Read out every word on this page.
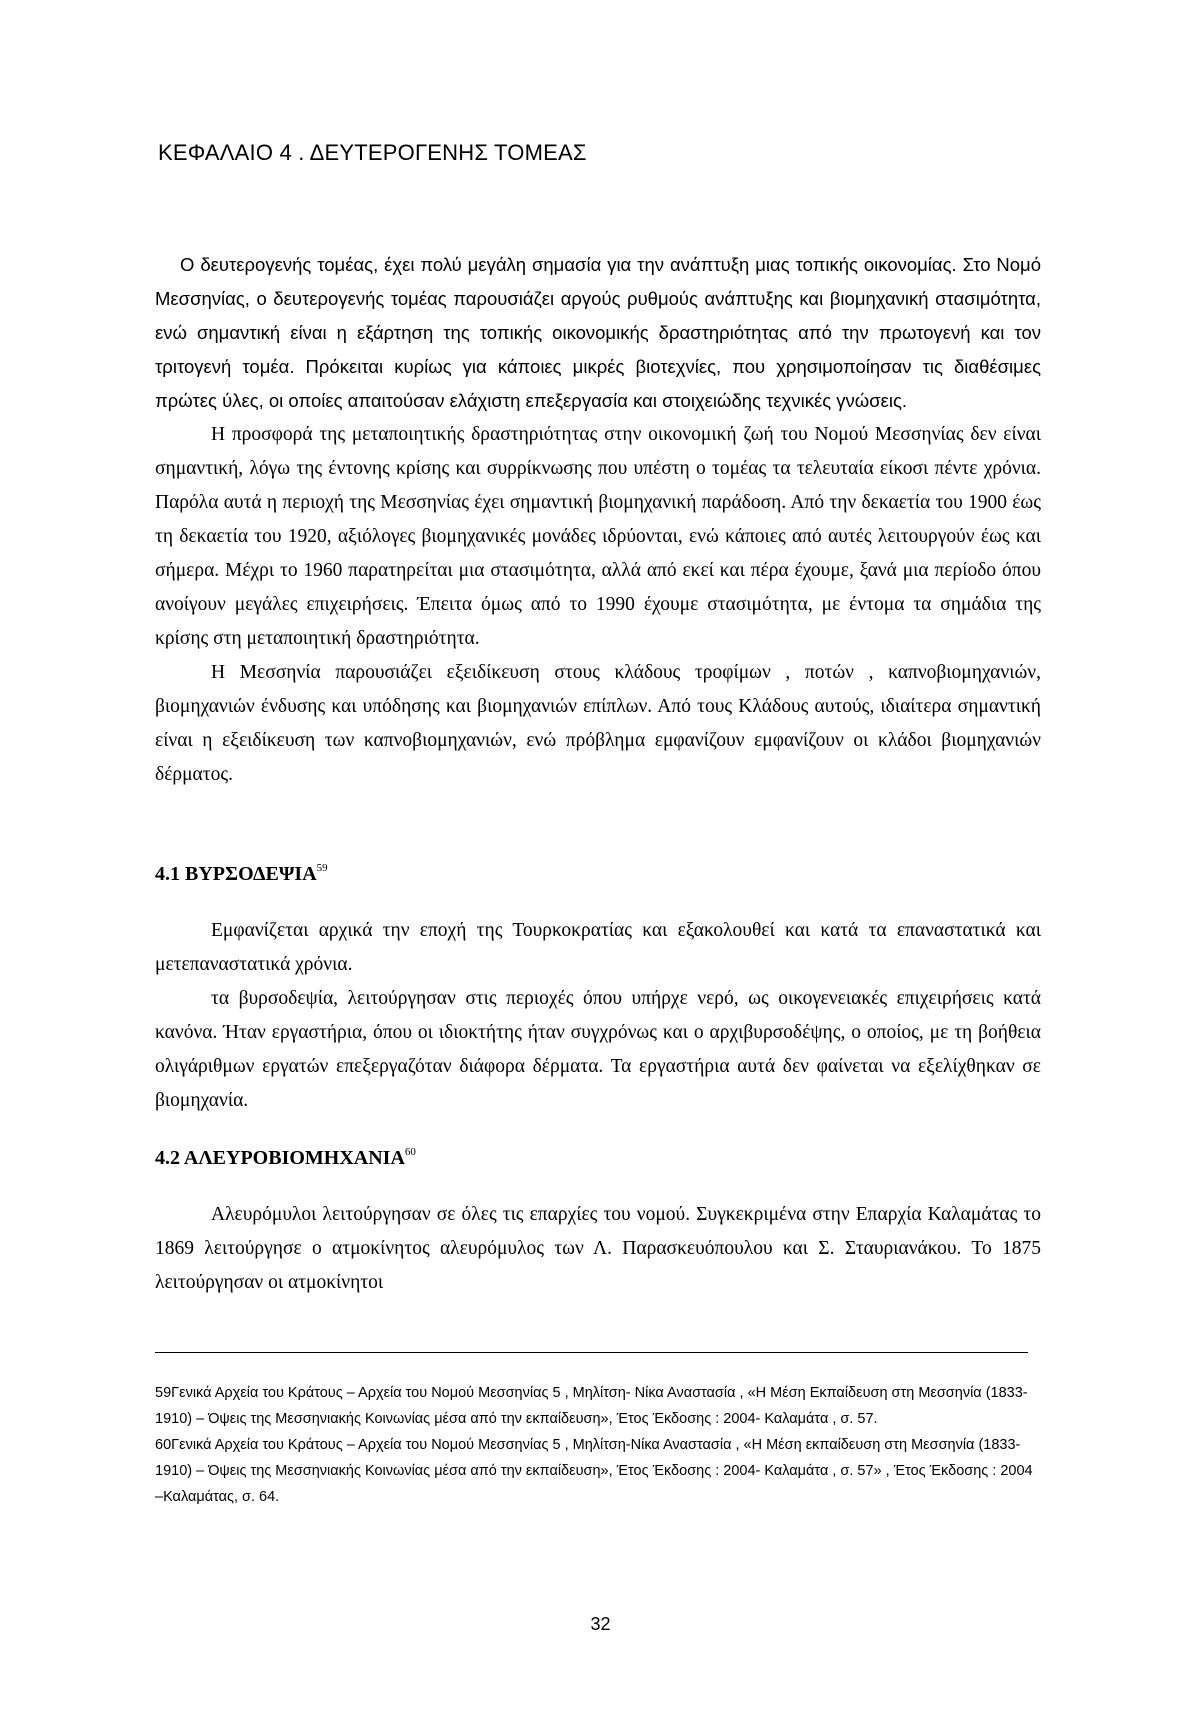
ΚΕΦΑΛΑΙΟ 4 . ΔΕΥΤΕΡΟΓΕΝΗΣ ΤΟΜΕΑΣ

Ο δευτερογενής τομέας, έχει πολύ μεγάλη σημασία για την ανάπτυξη μιας τοπικής οικονομίας. Στο Νομό Μεσσηνίας, ο δευτερογενής τομέας παρουσιάζει αργούς ρυθμούς ανάπτυξης και βιομηχανική στασιμότητα, ενώ σημαντική είναι η εξάρτηση της τοπικής οικονομικής δραστηριότητας από την πρωτογενή και τον τριτογενή τομέα. Πρόκειται κυρίως για κάποιες μικρές βιοτεχνίες, που χρησιμοποίησαν τις διαθέσιμες πρώτες ύλες, οι οποίες απαιτούσαν ελάχιστη επεξεργασία και στοιχειώδης τεχνικές γνώσεις.

Η προσφορά της μεταποιητικής δραστηριότητας στην οικονομική ζωή του Νομού Μεσσηνίας δεν είναι σημαντική, λόγω της έντονης κρίσης και συρρίκνωσης που υπέστη ο τομέας τα τελευταία είκοσι πέντε χρόνια. Παρόλα αυτά η περιοχή της Μεσσηνίας έχει σημαντική βιομηχανική παράδοση. Από την δεκαετία του 1900 έως τη δεκαετία του 1920, αξιόλογες βιομηχανικές μονάδες ιδρύονται, ενώ κάποιες από αυτές λειτουργούν έως και σήμερα. Μέχρι το 1960 παρατηρείται μια στασιμότητα, αλλά από εκεί και πέρα έχουμε, ξανά μια περίοδο όπου ανοίγουν μεγάλες επιχειρήσεις. Έπειτα όμως από το 1990 έχουμε στασιμότητα, με έντομα τα σημάδια της κρίσης στη μεταποιητική δραστηριότητα.

Η Μεσσηνία παρουσιάζει εξειδίκευση στους κλάδους τροφίμων , ποτών , καπνοβιομηχανιών, βιομηχανιών ένδυσης και υπόδησης και βιομηχανιών επίπλων. Από τους Κλάδους αυτούς, ιδιαίτερα σημαντική είναι η εξειδίκευση των καπνοβιομηχανιών, ενώ πρόβλημα εμφανίζουν εμφανίζουν οι κλάδοι βιομηχανιών δέρματος.

4.1 ΒΥΡΣΟΔΕΨΙΑ$^{59}$

Εμφανίζεται αρχικά την εποχή της Τουρκοκρατίας και εξακολουθεί και κατά τα επαναστατικά και μετεπαναστατικά χρόνια.

τα βυρσοδεψία, λειτούργησαν στις περιοχές όπου υπήρχε νερό, ως οικογενειακές επιχειρήσεις κατά κανόνα. Ήταν εργαστήρια, όπου οι ιδιοκτήτης ήταν συγχρόνως και ο αρχιβυρσοδέψης, ο οποίος, με τη βοήθεια ολιγάριθμων εργατών επεξεργαζόταν διάφορα δέρματα. Τα εργαστήρια αυτά δεν φαίνεται να εξελίχθηκαν σε βιομηχανία.

4.2 ΑΛΕΥΡΟΒΙΟΜΗΧΑΝΙΑ$^{60}$

Αλευρόμυλοι λειτούργησαν σε όλες τις επαρχίες του νομού. Συγκεκριμένα στην Επαρχία Καλαμάτας το 1869 λειτούργησε ο ατμοκίνητος αλευρόμυλος των Λ. Παρασκευόπουλου και Σ. Σταυριανάκου. Το 1875 λειτούργησαν οι ατμοκίνητοι

59Γενικά Αρχεία του Κράτους – Αρχεία του Νομού Μεσσηνίας 5 , Μηλίτση- Νίκα Αναστασία , «Η Μέση Εκπαίδευση στη Μεσσηνία (1833-1910) – Όψεις της Μεσσηνιακής Κοινωνίας μέσα από την εκπαίδευση», Έτος Έκδοσης : 2004- Καλαμάτα , σ. 57.

60Γενικά Αρχεία του Κράτους – Αρχεία του Νομού Μεσσηνίας 5 , Μηλίτση-Νίκα Αναστασία , «Η Μέση εκπαίδευση στη Μεσσηνία (1833-1910) – Όψεις της Μεσσηνιακής Κοινωνίας μέσα από την εκπαίδευση», Έτος Έκδοσης : 2004- Καλαμάτα , σ. 57» , Έτος Έκδοσης : 2004 –Καλαμάτας, σ. 64.

32
